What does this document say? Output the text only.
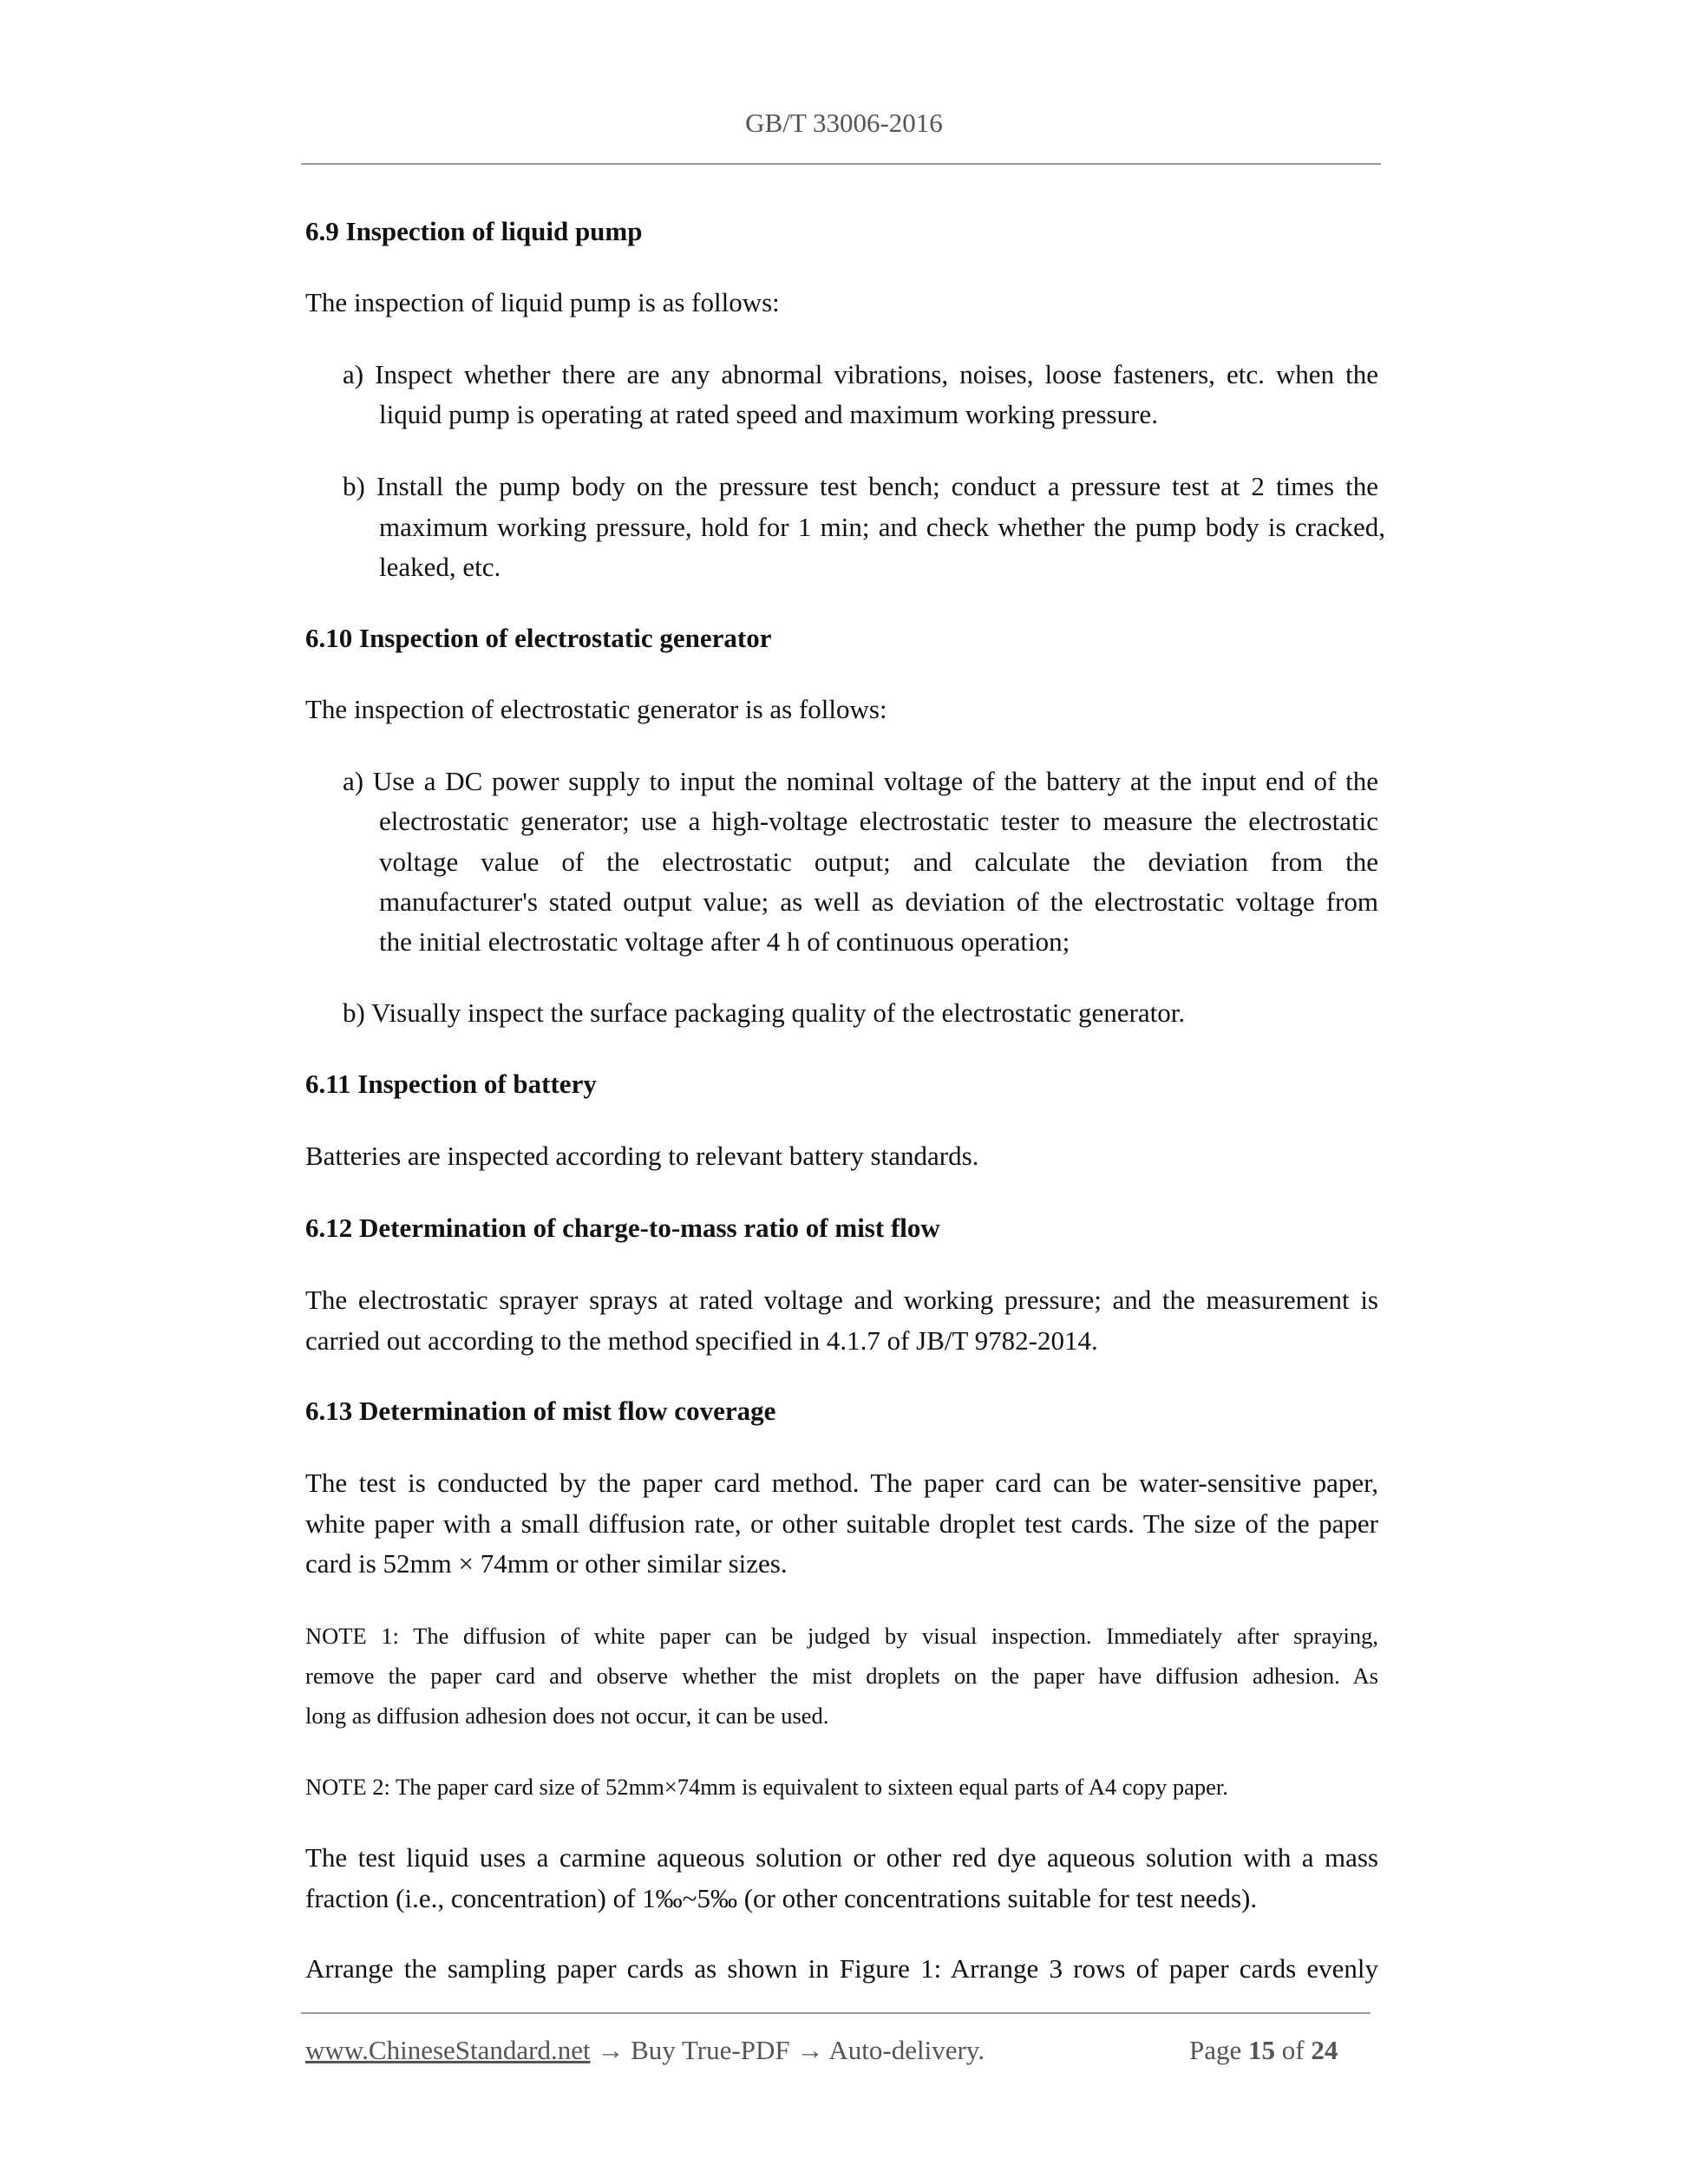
GB/T 33006-2016
6.9 Inspection of liquid pump
The inspection of liquid pump is as follows:
a) Inspect whether there are any abnormal vibrations, noises, loose fasteners, etc. when the
liquid pump is operating at rated speed and maximum working pressure.
b) Install the pump body on the pressure test bench; conduct a pressure test at 2 times the
maximum working pressure, hold for 1 min; and check whether the pump body is cracked,
leaked, etc.
6.10 Inspection of electrostatic generator
The inspection of electrostatic generator is as follows:
a) Use a DC power supply to input the nominal voltage of the battery at the input end of the
electrostatic generator; use a high-voltage electrostatic tester to measure the electrostatic
voltage value of the electrostatic output; and calculate the deviation from the
manufacturer's stated output value; as well as deviation of the electrostatic voltage from
the initial electrostatic voltage after 4 h of continuous operation;
b) Visually inspect the surface packaging quality of the electrostatic generator.
6.11 Inspection of battery
Batteries are inspected according to relevant battery standards.
6.12 Determination of charge-to-mass ratio of mist flow
The electrostatic sprayer sprays at rated voltage and working pressure; and the measurement is
carried out according to the method specified in 4.1.7 of JB/T 9782-2014.
6.13 Determination of mist flow coverage
The test is conducted by the paper card method. The paper card can be water-sensitive paper,
white paper with a small diffusion rate, or other suitable droplet test cards. The size of the paper
card is 52mm × 74mm or other similar sizes.
NOTE 1: The diffusion of white paper can be judged by visual inspection. Immediately after spraying,
remove the paper card and observe whether the mist droplets on the paper have diffusion adhesion. As
long as diffusion adhesion does not occur, it can be used.
NOTE 2: The paper card size of 52mm×74mm is equivalent to sixteen equal parts of A4 copy paper.
The test liquid uses a carmine aqueous solution or other red dye aqueous solution with a mass
fraction (i.e., concentration) of 1‰~5‰ (or other concentrations suitable for test needs).
Arrange the sampling paper cards as shown in Figure 1: Arrange 3 rows of paper cards evenly
www.ChineseStandard.net → Buy True-PDF → Auto-delivery.	Page 15 of 24
